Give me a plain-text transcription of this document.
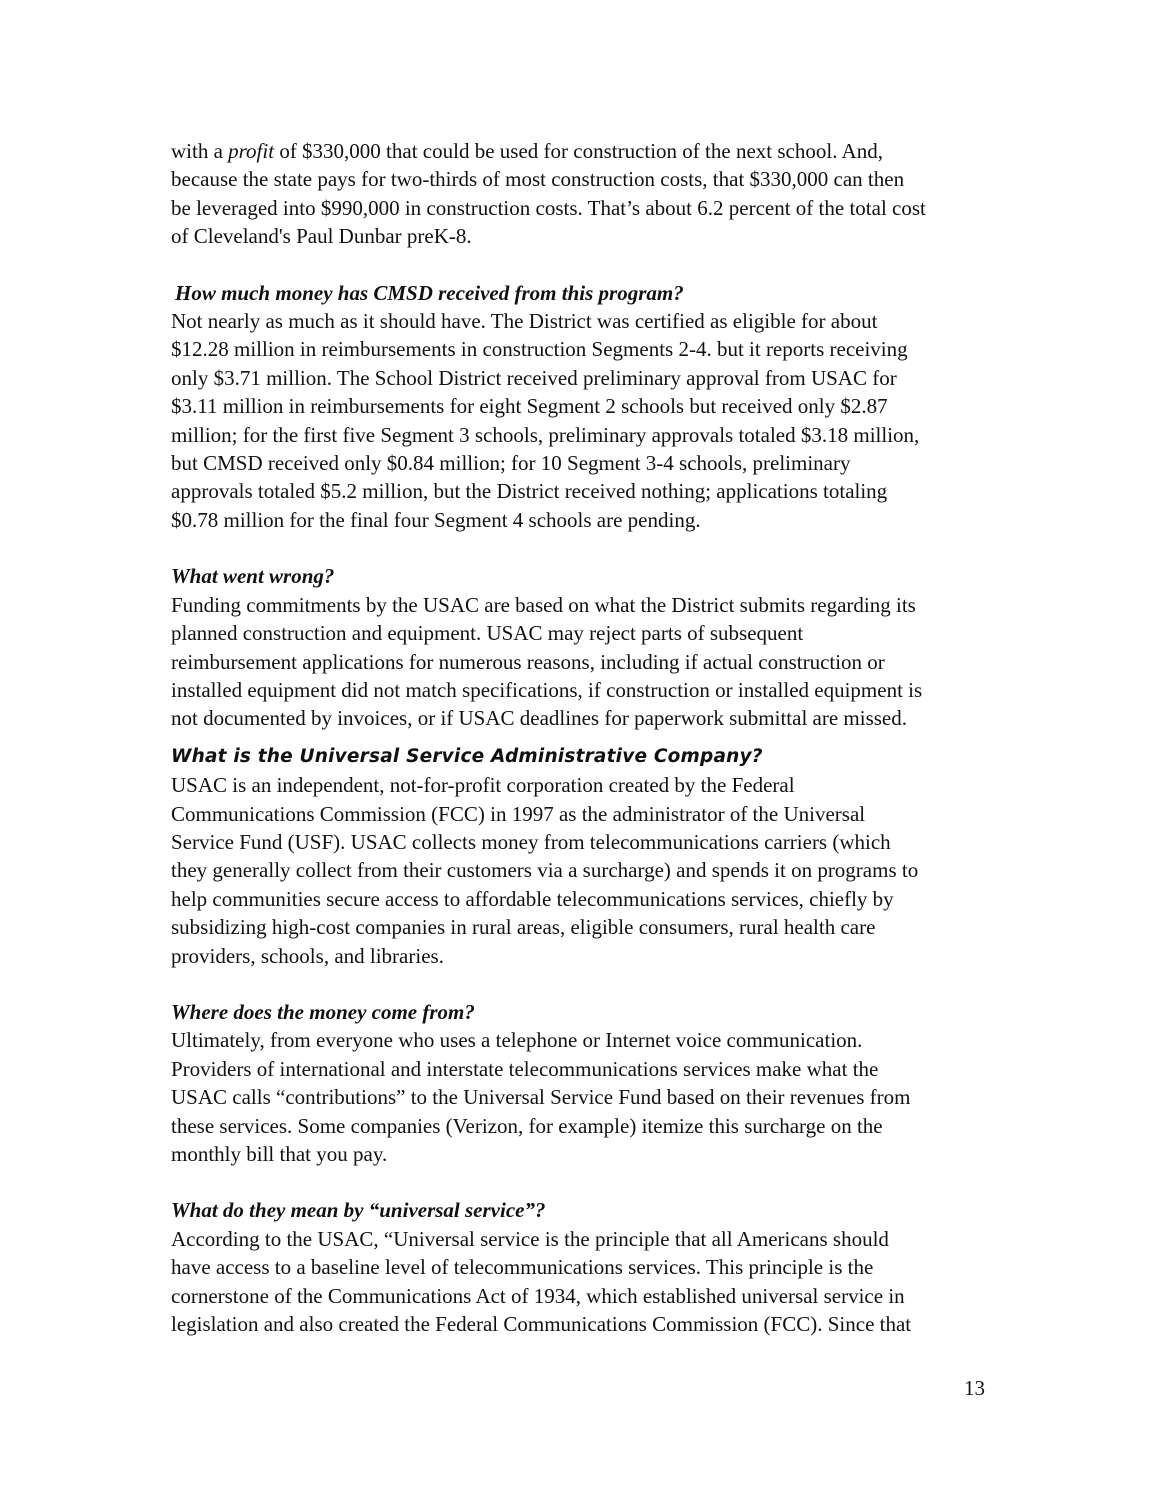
with a profit of $330,000 that could be used for construction of the next school. And,
because the state pays for two-thirds of most construction costs, that $330,000 can then
be leveraged into $990,000 in construction costs. That’s about 6.2 percent of the total cost
of Cleveland's Paul Dunbar preK-8.

How much money has CMSD received from this program?

Not nearly as much as it should have. The District was certified as eligible for about
$12.28 million in reimbursements in construction Segments 2-4. but it reports receiving
only $3.71 million. The School District received preliminary approval from USAC for
$3.11 million in reimbursements for eight Segment 2 schools but received only $2.87
million; for the first five Segment 3 schools, preliminary approvals totaled $3.18 million,
but CMSD received only $0.84 million; for 10 Segment 3-4 schools, preliminary
approvals totaled $5.2 million, but the District received nothing; applications totaling
$0.78 million for the final four Segment 4 schools are pending.

What went wrong?

Funding commitments by the USAC are based on what the District submits regarding its
planned construction and equipment. USAC may reject parts of subsequent
reimbursement applications for numerous reasons, including if actual construction or
installed equipment did not match specifications, if construction or installed equipment is
not documented by invoices, or if USAC deadlines for paperwork submittal are missed.

What is the Universal Service Administrative Company?

USAC is an independent, not-for-profit corporation created by the Federal
Communications Commission (FCC) in 1997 as the administrator of the Universal
Service Fund (USF). USAC collects money from telecommunications carriers (which
they generally collect from their customers via a surcharge) and spends it on programs to
help communities secure access to affordable telecommunications services, chiefly by
subsidizing high-cost companies in rural areas, eligible consumers, rural health care
providers, schools, and libraries.

Where does the money come from?

Ultimately, from everyone who uses a telephone or Internet voice communication.
Providers of international and interstate telecommunications services make what the
USAC calls “contributions” to the Universal Service Fund based on their revenues from
these services. Some companies (Verizon, for example) itemize this surcharge on the
monthly bill that you pay.

What do they mean by “universal service”?

According to the USAC, “Universal service is the principle that all Americans should
have access to a baseline level of telecommunications services. This principle is the
cornerstone of the Communications Act of 1934, which established universal service in
legislation and also created the Federal Communications Commission (FCC). Since that

13
